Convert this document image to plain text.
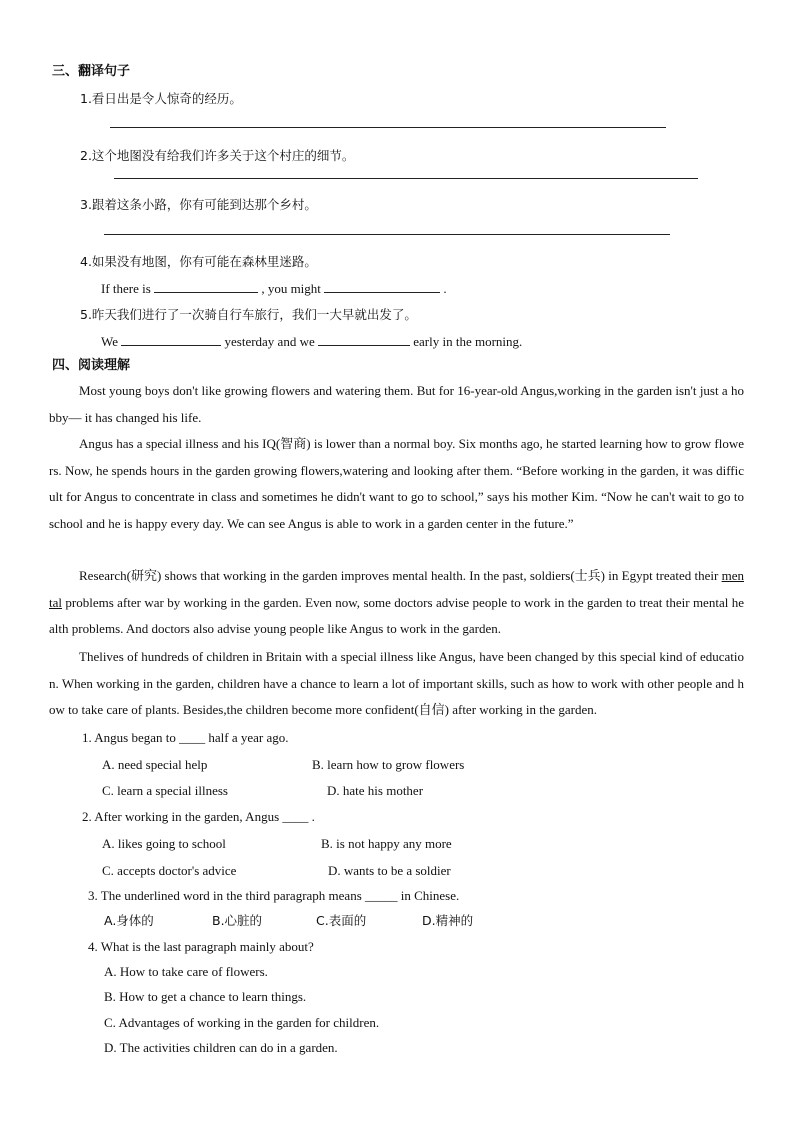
三、翻译句子
1.看日出是令人惊奇的经历。
2.这个地图没有给我们许多关于这个村庄的细节。
3.跟着这条小路，你有可能到达那个乡村。
4.如果没有地图，你有可能在森林里迷路。
If there is	, you might	.
5.昨天我们进行了一次骑自行车旅行，我们一大早就出发了。
We	yesterday and we	early in the morning.
四、阅读理解
Most young boys don't like growing flowers and watering them. But for 16-year-old Angus,working in the garden isn't just a hobby— it has changed his life.
Angus has a special illness and his IQ(智商) is lower than a normal boy. Six months ago, he started learning how to grow flowers. Now, he spends hours in the garden growing flowers,watering and looking after them. “Before working in the garden, it was difficult for Angus to concentrate in class and sometimes he didn't want to go to school,” says his mother Kim. “Now he can't wait to go to school and he is happy every day. We can see Angus is able to work in a garden center in the future.”
Research(研究) shows that working in the garden improves mental health. In the past, soldiers(士兵) in Egypt treated their mental problems after war by working in the garden. Even now, some doctors advise people to work in the garden to treat their mental health problems. And doctors also advise young people like Angus to work in the garden.
Thelives of hundreds of children in Britain with a special illness like Angus, have been changed by this special kind of education. When working in the garden, children have a chance to learn a lot of important skills, such as how to work with other people and how to take care of plants. Besides,the children become more confident(自信) after working in the garden.
1. Angus began to ____ half a year ago.
A. need special help	B. learn how to grow flowers
C. learn a special illness	D. hate his mother
2. After working in the garden, Angus ____ .
A. likes going to school	B. is not happy any more
C. accepts doctor's advice	D. wants to be a soldier
3. The underlined word in the third paragraph means _____ in Chinese.
A.身体的	B.心脏的	C.表面的	D.精神的
4. What is the last paragraph mainly about?
A. How to take care of flowers.
B. How to get a chance to learn things.
C. Advantages of working in the garden for children.
D. The activities children can do in a garden.
